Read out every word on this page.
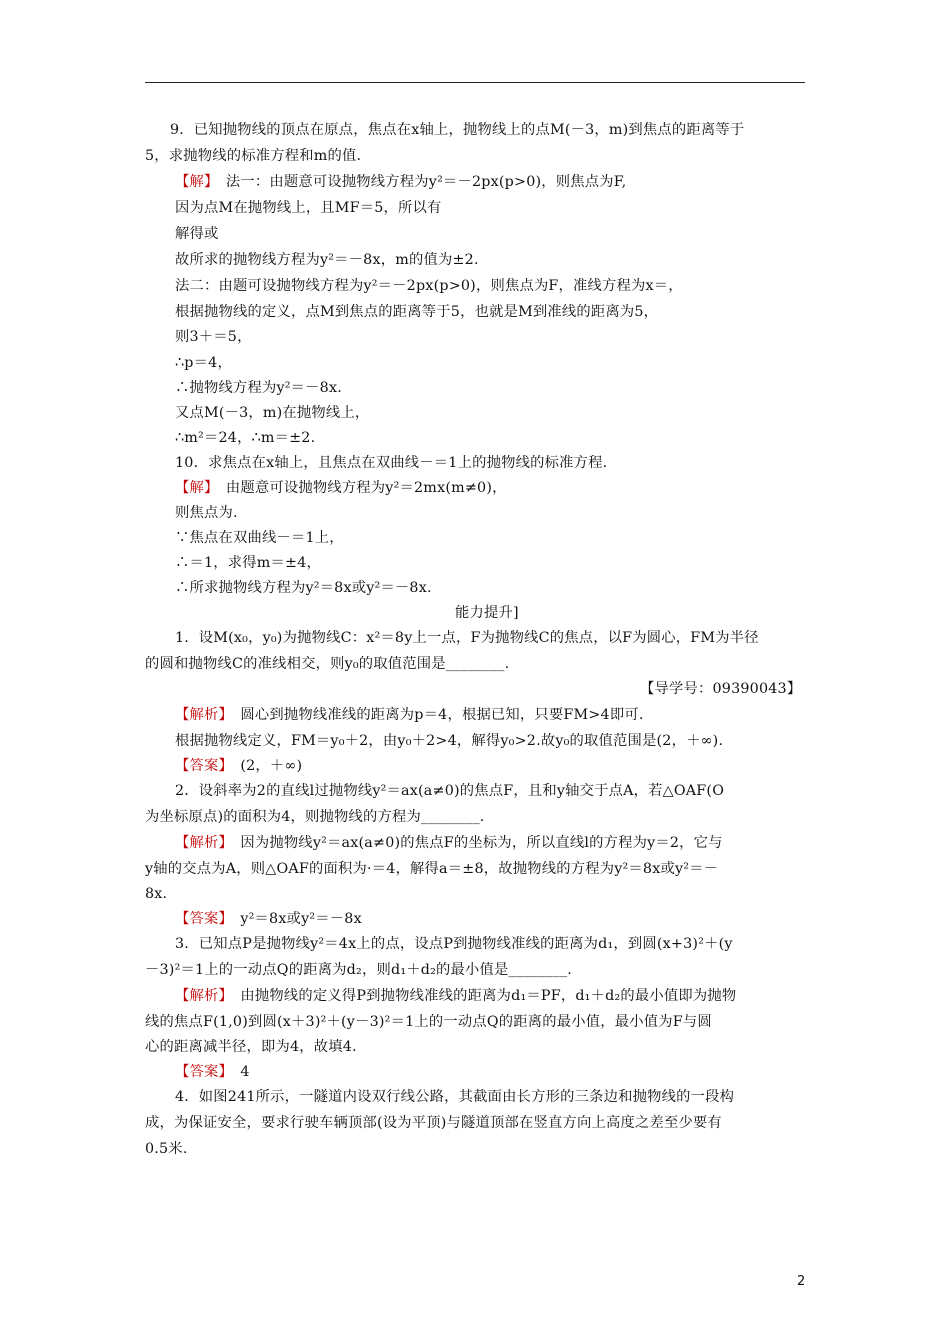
9．已知抛物线的顶点在原点，焦点在x轴上，抛物线上的点M(－3，m)到焦点的距离等于
5，求抛物线的标准方程和m的值．
【解】　法一：由题意可设抛物线方程为y²＝－2px(p>0)，则焦点为F,
因为点M在抛物线上，且MF＝5，所以有
解得或
故所求的抛物线方程为y²＝－8x，m的值为±2.
法二：由题可设抛物线方程为y²＝－2px(p>0)，则焦点为F，准线方程为x＝，
根据抛物线的定义，点M到焦点的距离等于5，也就是M到准线的距离为5，
则3＋＝5，
∴p＝4，
∴抛物线方程为y²＝－8x.
又点M(－3，m)在抛物线上，
∴m²＝24，∴m＝±2.
10．求焦点在x轴上，且焦点在双曲线－＝1上的抛物线的标准方程.
【解】　由题意可设抛物线方程为y²＝2mx(m≠0)，
则焦点为.
∵焦点在双曲线－＝1上，
∴＝1，求得m＝±4，
∴所求抛物线方程为y²＝8x或y²＝－8x.
能力提升]
1．设M(x₀，y₀)为抛物线C：x²＝8y上一点，F为抛物线C的焦点，以F为圆心，FM为半径
的圆和抛物线C的准线相交，则y₀的取值范围是________.
【导学号：09390043】
【解析】　圆心到抛物线准线的距离为p＝4，根据已知，只要FM>4即可.
根据抛物线定义，FM＝y₀＋2，由y₀＋2>4，解得y₀>2.故y₀的取值范围是(2，＋∞).
【答案】　(2，＋∞)
2．设斜率为2的直线l过抛物线y²＝ax(a≠0)的焦点F，且和y轴交于点A，若△OAF(O
为坐标原点)的面积为4，则抛物线的方程为________.
【解析】　因为抛物线y²＝ax(a≠0)的焦点F的坐标为，所以直线l的方程为y＝2，它与
y轴的交点为A，则△OAF的面积为·＝4，解得a＝±8，故抛物线的方程为y²＝8x或y²＝－
8x.
【答案】　y²＝8x或y²＝－8x
3．已知点P是抛物线y²＝4x上的点，设点P到抛物线准线的距离为d₁，到圆(x+3)²＋(y
－3)²＝1上的一动点Q的距离为d₂，则d₁＋d₂的最小值是________.
【解析】　由抛物线的定义得P到抛物线准线的距离为d₁＝PF，d₁＋d₂的最小值即为抛物
线的焦点F(1,0)到圆(x＋3)²＋(y－3)²＝1上的一动点Q的距离的最小值，最小值为F与圆
心的距离减半径，即为4，故填4.
【答案】　4
4．如图241所示，一隧道内设双行线公路，其截面由长方形的三条边和抛物线的一段构
成，为保证安全，要求行驶车辆顶部(设为平顶)与隧道顶部在竖直方向上高度之差至少要有
0.5米.
2
